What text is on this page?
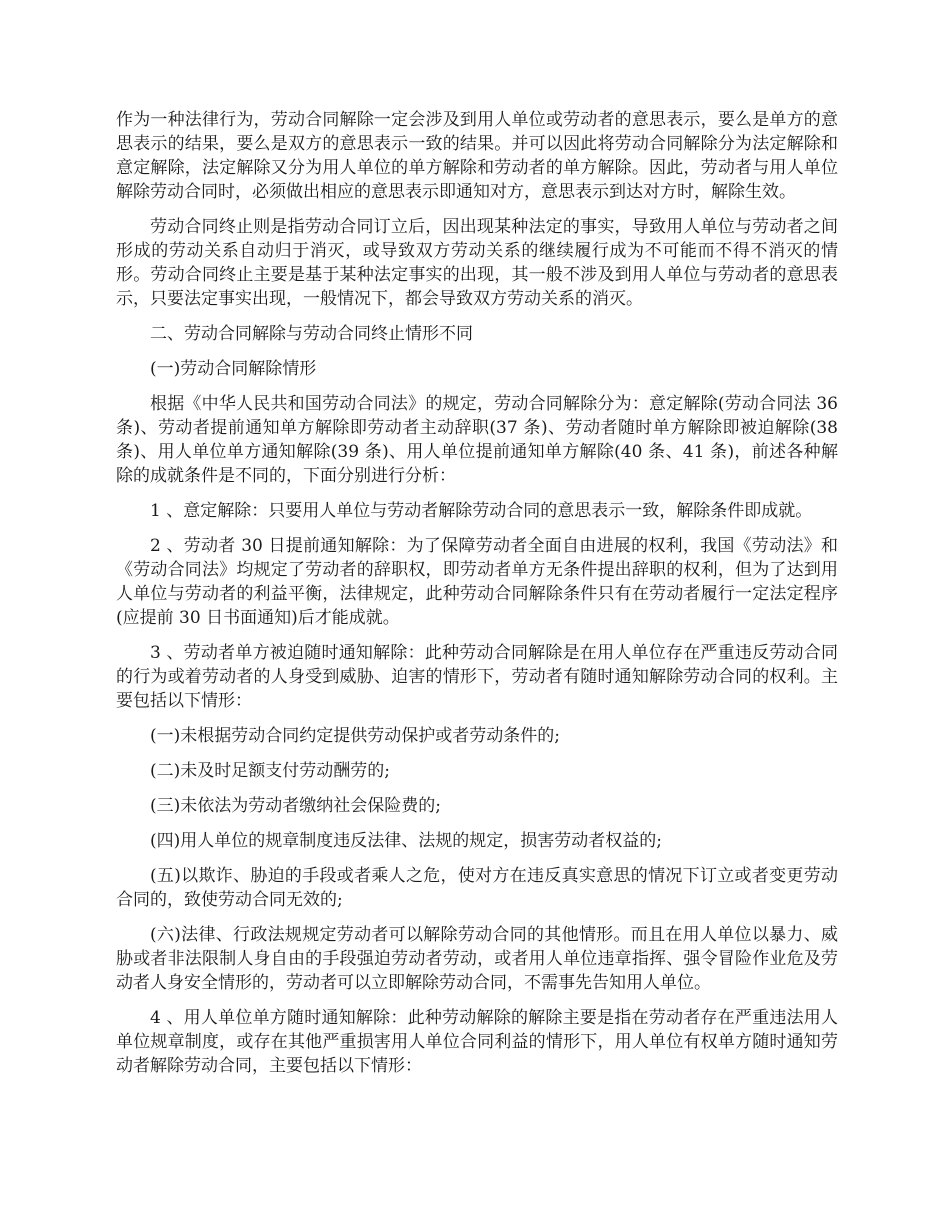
作为一种法律行为，劳动合同解除一定会涉及到用人单位或劳动者的意思表示，要么是单方的意思表示的结果，要么是双方的意思表示一致的结果。并可以因此将劳动合同解除分为法定解除和意定解除，法定解除又分为用人单位的单方解除和劳动者的单方解除。因此，劳动者与用人单位解除劳动合同时，必须做出相应的意思表示即通知对方，意思表示到达对方时，解除生效。

劳动合同终止则是指劳动合同订立后，因出现某种法定的事实，导致用人单位与劳动者之间形成的劳动关系自动归于消灭，或导致双方劳动关系的继续履行成为不可能而不得不消灭的情形。劳动合同终止主要是基于某种法定事实的出现，其一般不涉及到用人单位与劳动者的意思表示，只要法定事实出现，一般情况下，都会导致双方劳动关系的消灭。

二、劳动合同解除与劳动合同终止情形不同

(一)劳动合同解除情形

根据《中华人民共和国劳动合同法》的规定，劳动合同解除分为：意定解除(劳动合同法 36 条)、劳动者提前通知单方解除即劳动者主动辞职(37 条)、劳动者随时单方解除即被迫解除(38 条)、用人单位单方通知解除(39 条)、用人单位提前通知单方解除(40 条、41 条)，前述各种解除的成就条件是不同的，下面分别进行分析：

1 、意定解除：只要用人单位与劳动者解除劳动合同的意思表示一致，解除条件即成就。

2 、劳动者 30 日提前通知解除：为了保障劳动者全面自由进展的权利，我国《劳动法》和《劳动合同法》均规定了劳动者的辞职权，即劳动者单方无条件提出辞职的权利，但为了达到用人单位与劳动者的利益平衡，法律规定，此种劳动合同解除条件只有在劳动者履行一定法定程序(应提前 30 日书面通知)后才能成就。

3 、劳动者单方被迫随时通知解除：此种劳动合同解除是在用人单位存在严重违反劳动合同的行为或着劳动者的人身受到威胁、迫害的情形下，劳动者有随时通知解除劳动合同的权利。主要包括以下情形：

(一)未根据劳动合同约定提供劳动保护或者劳动条件的;

(二)未及时足额支付劳动酬劳的;

(三)未依法为劳动者缴纳社会保险费的;

(四)用人单位的规章制度违反法律、法规的规定，损害劳动者权益的;

(五)以欺诈、胁迫的手段或者乘人之危，使对方在违反真实意思的情况下订立或者变更劳动合同的，致使劳动合同无效的;

(六)法律、行政法规规定劳动者可以解除劳动合同的其他情形。而且在用人单位以暴力、威胁或者非法限制人身自由的手段强迫劳动者劳动，或者用人单位违章指挥、强令冒险作业危及劳动者人身安全情形的，劳动者可以立即解除劳动合同，不需事先告知用人单位。

4 、用人单位单方随时通知解除：此种劳动解除的解除主要是指在劳动者存在严重违法用人单位规章制度，或存在其他严重损害用人单位合同利益的情形下，用人单位有权单方随时通知劳动者解除劳动合同，主要包括以下情形：
